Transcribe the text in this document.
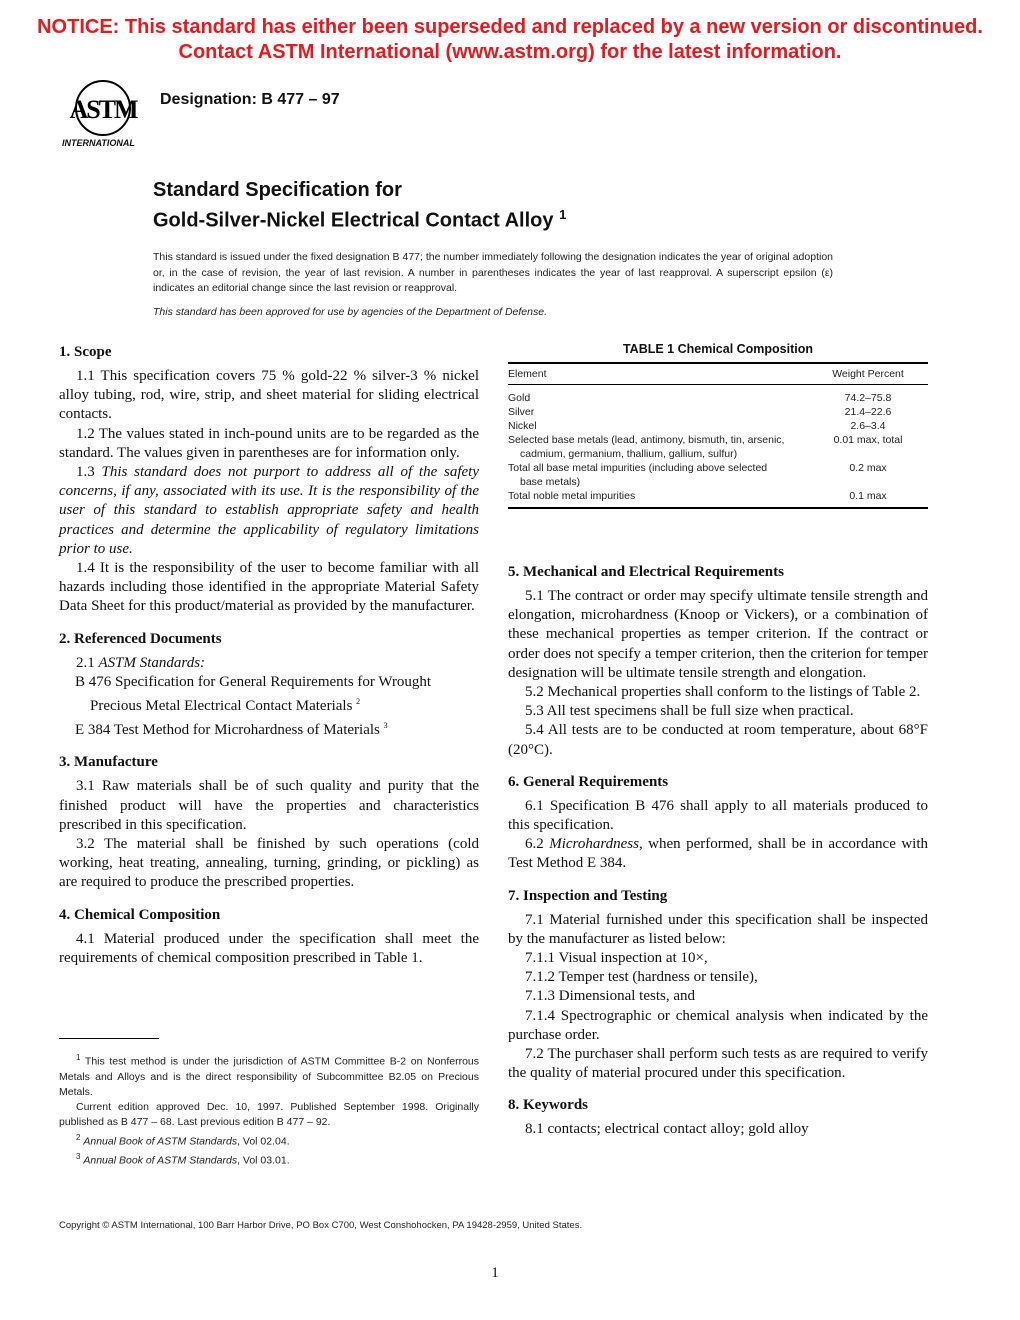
NOTICE: This standard has either been superseded and replaced by a new version or discontinued.
Contact ASTM International (www.astm.org) for the latest information.
ASTM
INTERNATIONAL
Designation: B 477 – 97
Standard Specification for
Gold-Silver-Nickel Electrical Contact Alloy $^1$
This standard is issued under the fixed designation B 477; the number immediately following the designation indicates the year of original adoption or, in the case of revision, the year of last revision. A number in parentheses indicates the year of last reapproval. A superscript epsilon (ε) indicates an editorial change since the last revision or reapproval.
This standard has been approved for use by agencies of the Department of Defense.
1. Scope

1.1 This specification covers 75 % gold-22 % silver-3 % nickel alloy tubing, rod, wire, strip, and sheet material for sliding electrical contacts.

1.2 The values stated in inch-pound units are to be regarded as the standard. The values given in parentheses are for information only.

1.3 This standard does not purport to address all of the safety concerns, if any, associated with its use. It is the responsibility of the user of this standard to establish appropriate safety and health practices and determine the applicability of regulatory limitations prior to use.

1.4 It is the responsibility of the user to become familiar with all hazards including those identified in the appropriate Material Safety Data Sheet for this product/material as provided by the manufacturer.

2. Referenced Documents

2.1 ASTM Standards:

B 476 Specification for General Requirements for Wrought Precious Metal Electrical Contact Materials $^2$

E 384 Test Method for Microhardness of Materials $^3$

3. Manufacture

3.1 Raw materials shall be of such quality and purity that the finished product will have the properties and characteristics prescribed in this specification.

3.2 The material shall be finished by such operations (cold working, heat treating, annealing, turning, grinding, or pickling) as are required to produce the prescribed properties.

4. Chemical Composition

4.1 Material produced under the specification shall meet the requirements of chemical composition prescribed in Table 1.

$^1$ This test method is under the jurisdiction of ASTM Committee B-2 on Nonferrous Metals and Alloys and is the direct responsibility of Subcommittee B2.05 on Precious Metals.

Current edition approved Dec. 10, 1997. Published September 1998. Originally published as B 477 – 68. Last previous edition B 477 – 92.

$^2$ Annual Book of ASTM Standards, Vol 02.04.

$^3$ Annual Book of ASTM Standards, Vol 03.01.

TABLE 1 Chemical Composition
Element	Weight Percent

Gold	74.2–75.8
Silver	21.4–22.6
Nickel	2.6–3.4
Selected base metals (lead, antimony, bismuth, tin, arsenic, cadmium, germanium, thallium, gallium, sulfur)	0.01 max, total
Total all base metal impurities (including above selected base metals)	0.2 max
Total noble metal impurities	0.1 max
5. Mechanical and Electrical Requirements

5.1 The contract or order may specify ultimate tensile strength and elongation, microhardness (Knoop or Vickers), or a combination of these mechanical properties as temper criterion. If the contract or order does not specify a temper criterion, then the criterion for temper designation will be ultimate tensile strength and elongation.

5.2 Mechanical properties shall conform to the listings of Table 2.

5.3 All test specimens shall be full size when practical.

5.4 All tests are to be conducted at room temperature, about 68°F (20°C).

6. General Requirements

6.1 Specification B 476 shall apply to all materials produced to this specification.

6.2 Microhardness, when performed, shall be in accordance with Test Method E 384.

7. Inspection and Testing

7.1 Material furnished under this specification shall be inspected by the manufacturer as listed below:

7.1.1 Visual inspection at 10×,

7.1.2 Temper test (hardness or tensile),

7.1.3 Dimensional tests, and

7.1.4 Spectrographic or chemical analysis when indicated by the purchase order.

7.2 The purchaser shall perform such tests as are required to verify the quality of material procured under this specification.

8. Keywords

8.1 contacts; electrical contact alloy; gold alloy

Copyright © ASTM International, 100 Barr Harbor Drive, PO Box C700, West Conshohocken, PA 19428-2959, United States.
1
